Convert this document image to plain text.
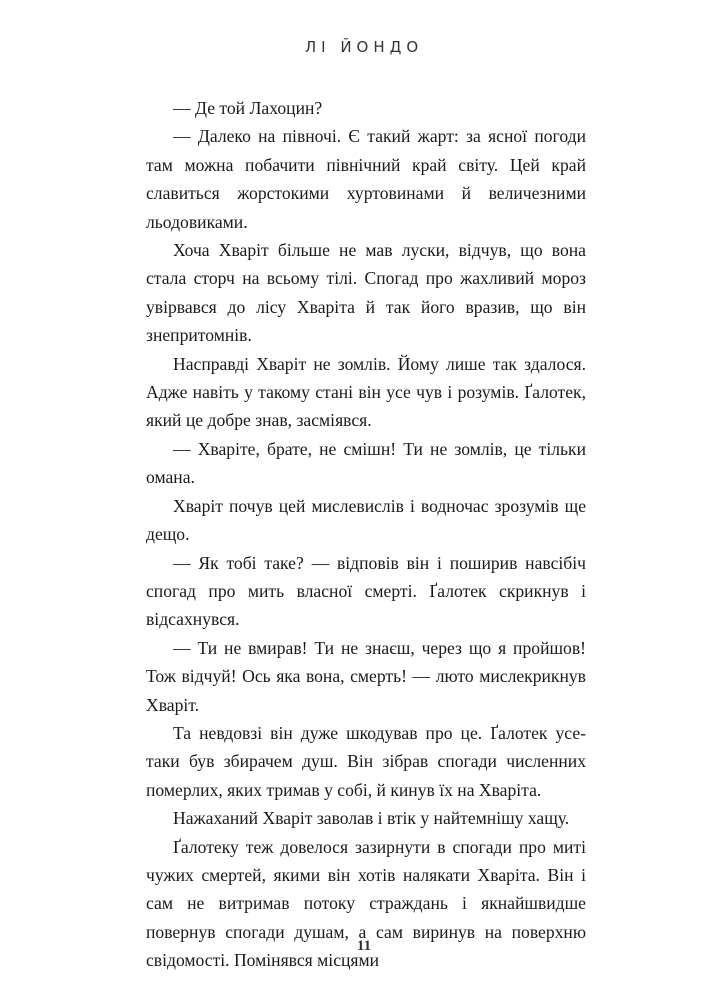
ЛІ ЙОНДО

— Де той Лахоцин?

— Далеко на півночі. Є такий жарт: за ясної погоди там можна побачити північний край світу. Цей край славиться жорстокими хуртовинами й величезними льодовиками.

Хоча Хваріт більше не мав луски, відчув, що вона стала сторч на всьому тілі. Спогад про жахливий мороз увірвався до лісу Хваріта й так його вразив, що він знепритомнів.

Насправді Хваріт не зомлів. Йому лише так здалося. Адже навіть у такому стані він усе чув і розумів. Ґалотек, який це добре знав, засміявся.

— Хваріте, брате, не смішн! Ти не зомлів, це тільки омана.

Хваріт почув цей мислевислів і водночас зрозумів ще дещо.

— Як тобі таке? — відповів він і поширив навсібіч спогад про мить власної смерті. Ґалотек скрикнув і відсахнувся.

— Ти не вмирав! Ти не знаєш, через що я пройшов! Тож відчуй! Ось яка вона, смерть! — люто мислекрикнув Хваріт.

Та невдовзі він дуже шкодував про це. Ґалотек усе-таки був збирачем душ. Він зібрав спогади численних померлих, яких тримав у собі, й кинув їх на Хваріта.

Нажаханий Хваріт заволав і втік у найтемнішу хащу.

Ґалотеку теж довелося зазирнути в спогади про миті чужих смертей, якими він хотів налякати Хваріта. Він і сам не витримав потоку страждань і якнайшвидше повернув спогади душам, а сам виринув на поверхню свідомості. Помінявся місцями

11
